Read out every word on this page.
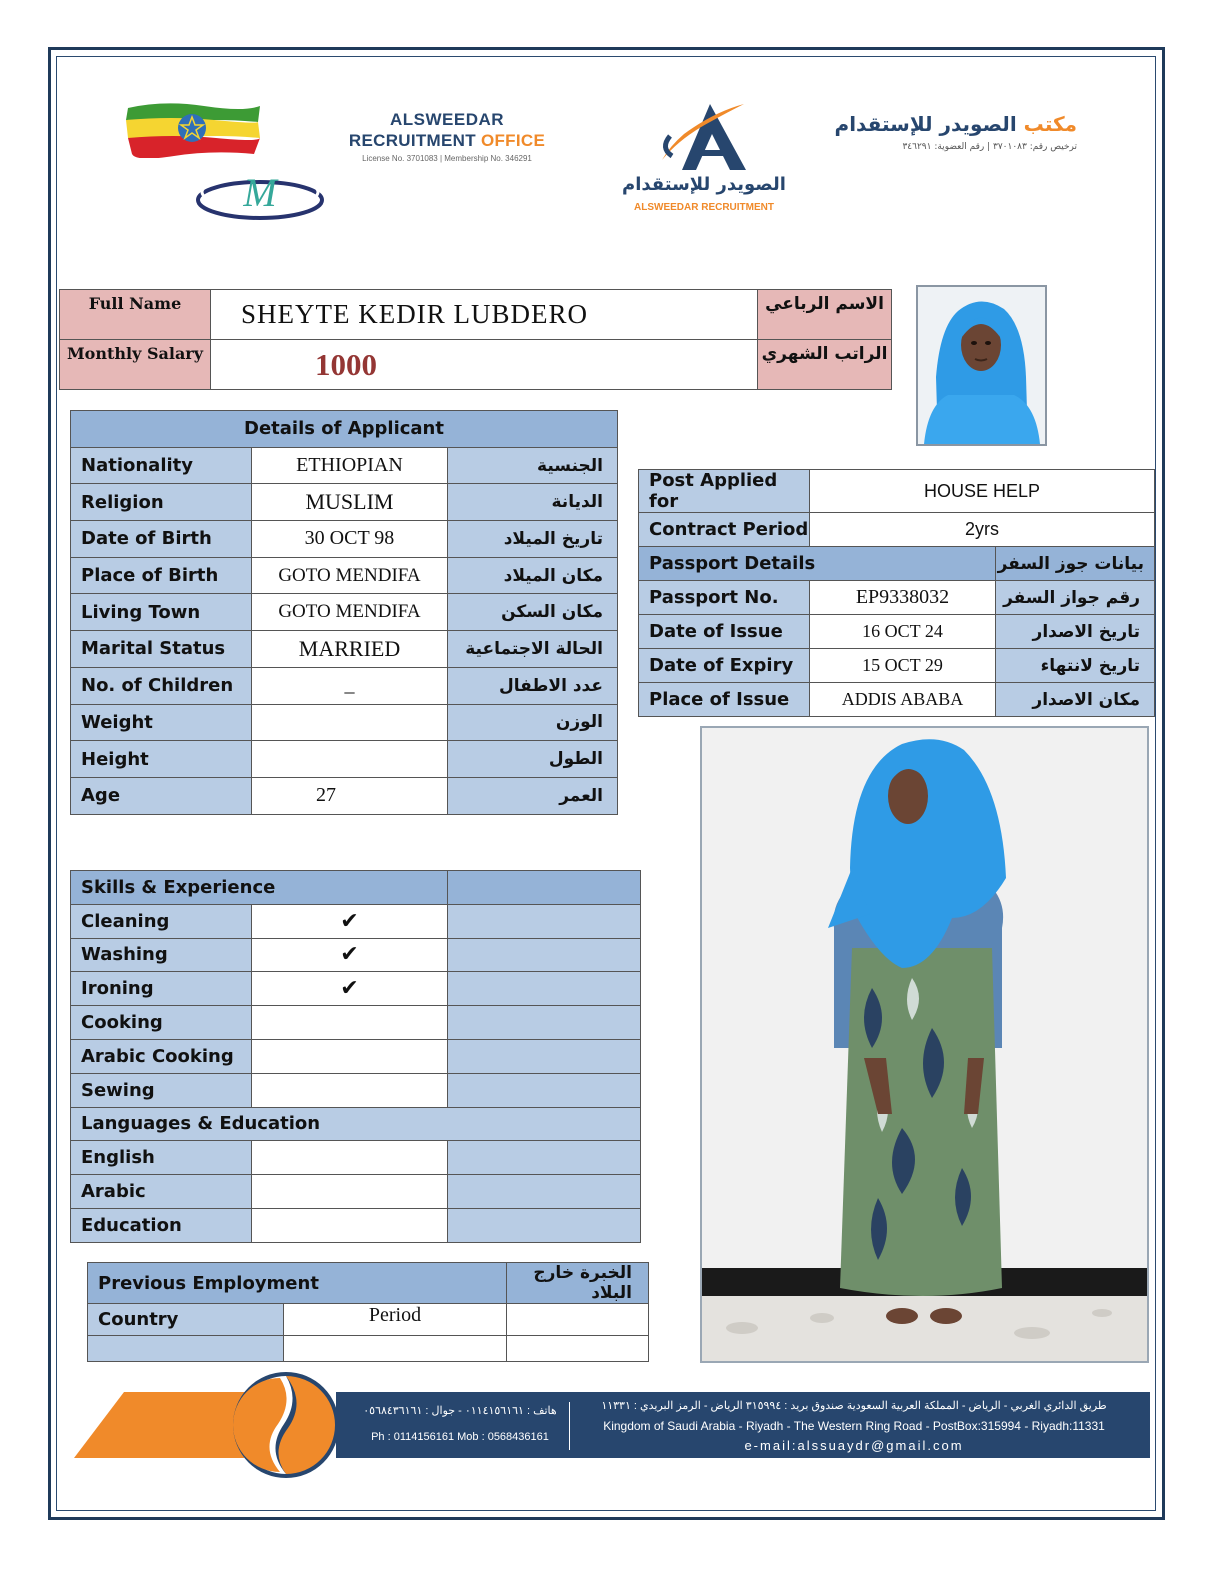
M
ALSWEEDAR
RECRUITMENT OFFICE
License No. 3701083 | Membership No. 346291
الصويدر للإستقدام
ALSWEEDAR RECRUITMENT
مكتب الصويدر للإستقدام
ترخيص رقم: ٣٧٠١٠٨٣ | رقم العضوية: ٣٤٦٢٩١
Full Name	SHEYTE KEDIR LUBDERO	الاسم الرباعي
Monthly Salary	1000	الراتب الشهري
Details of Applicant		
Nationality	ETHIOPIAN	الجنسية
Religion	MUSLIM	الديانة
Date of Birth	30 OCT 98	تاريخ الميلاد
Place of Birth	GOTO MENDIFA	مكان الميلاد
Living Town	GOTO MENDIFA	مكان السكن
Marital Status	MARRIED	الحالة الاجتماعية
No. of Children	_	عدد الاطفال
Weight		الوزن
Height		الطول
Age	27	العمر
Post Applied for	HOUSE HELP	
Contract Period	2yrs	
Passport Details		بيانات جوز السفر
Passport No.	EP9338032	رقم جواز السفر
Date of Issue	16 OCT 24	تاريخ الاصدار
Date of Expiry	15 OCT 29	تاريخ لانتهاء
Place of Issue	ADDIS ABABA	مكان الاصدار
Skills & Experience		
Cleaning	✔	
Washing	✔	
Ironing	✔	
Cooking		
Arabic Cooking		
Sewing		
Languages & Education		
English		
Arabic		
Education		
Previous Employment		الخبرة خارج البلاد
Country	Period	

هاتف : ٠١١٤١٥٦١٦١ - جوال : ٠٥٦٨٤٣٦١٦١
Ph : 0114156161 Mob : 0568436161
طريق الدائري الغربي - الرياض - المملكة العربية السعودية صندوق بريد : ٣١٥٩٩٤ الرياض - الرمز البريدي : ١١٣٣١
Kingdom of Saudi Arabia - Riyadh - The Western Ring Road - PostBox:315994 - Riyadh:11331
e-mail:alssuaydr@gmail.com
